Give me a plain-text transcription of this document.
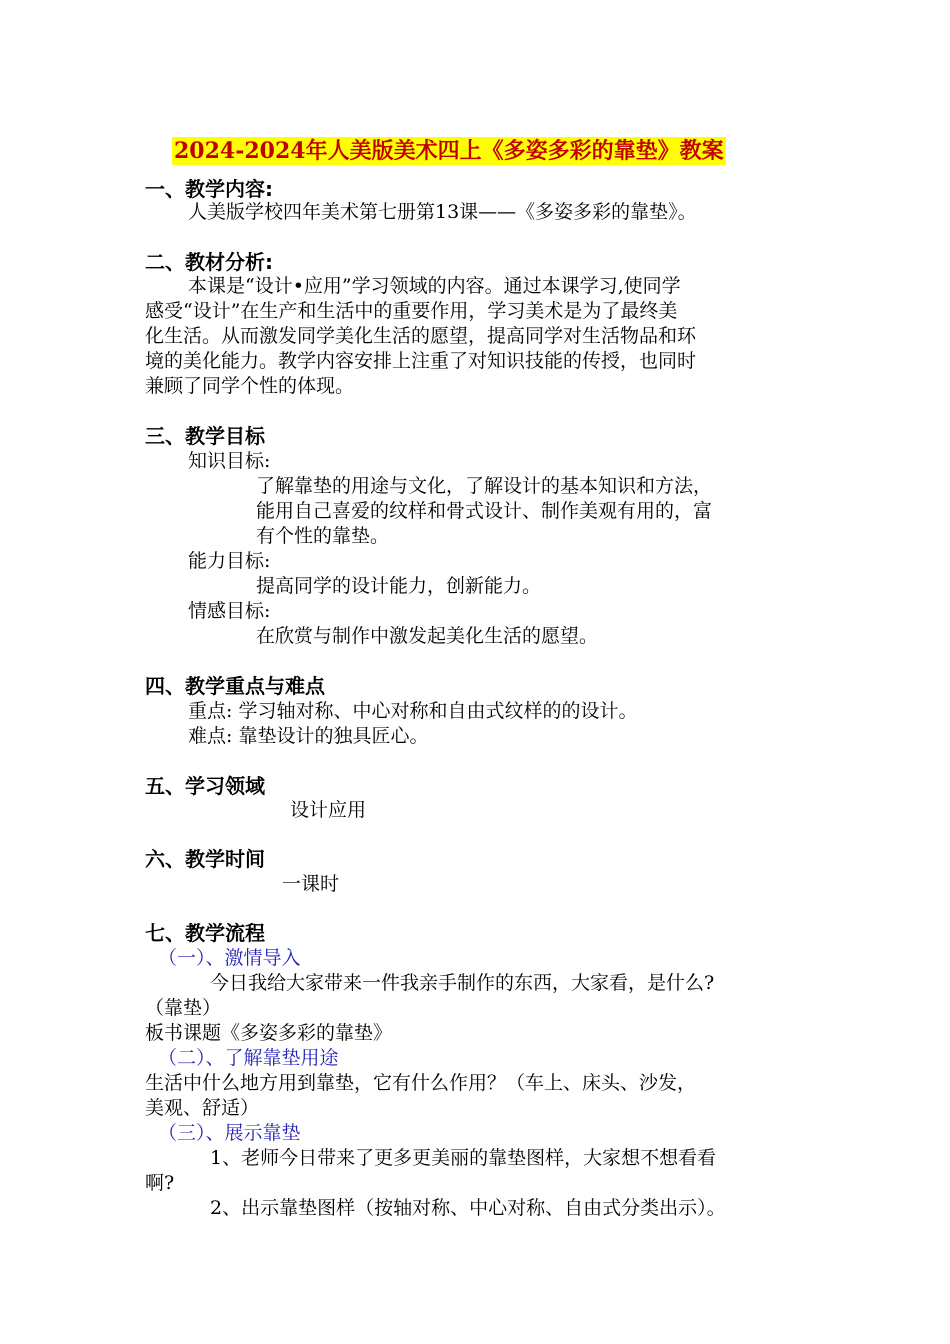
2024-2024年人美版美术四上《多姿多彩的靠垫》教案
一、教学内容:
人美版学校四年美术第七册第13课——《多姿多彩的靠垫》。
二、教材分析:
本课是“设计•应用”学习领域的内容。通过本课学习,使同学
感受“设计”在生产和生活中的重要作用，学习美术是为了最终美
化生活。从而激发同学美化生活的愿望，提高同学对生活物品和环
境的美化能力。教学内容安排上注重了对知识技能的传授，也同时
兼顾了同学个性的体现。
三、教学目标
知识目标:
了解靠垫的用途与文化，了解设计的基本知识和方法，
能用自己喜爱的纹样和骨式设计、制作美观有用的，富
有个性的靠垫。
能力目标:
提高同学的设计能力，创新能力。
情感目标:
在欣赏与制作中激发起美化生活的愿望。
四、教学重点与难点
重点: 学习轴对称、中心对称和自由式纹样的的设计。
难点: 靠垫设计的独具匠心。
五、学习领域
设计应用
六、教学时间
一课时
七、教学流程
（一）、激情导入
今日我给大家带来一件我亲手制作的东西，大家看，是什么?
（靠垫）
板书课题《多姿多彩的靠垫》
（二）、了解靠垫用途
生活中什么地方用到靠垫，它有什么作用？（车上、床头、沙发，
美观、舒适）
（三）、展示靠垫
1、老师今日带来了更多更美丽的靠垫图样，大家想不想看看
啊?
2、出示靠垫图样（按轴对称、中心对称、自由式分类出示）。
